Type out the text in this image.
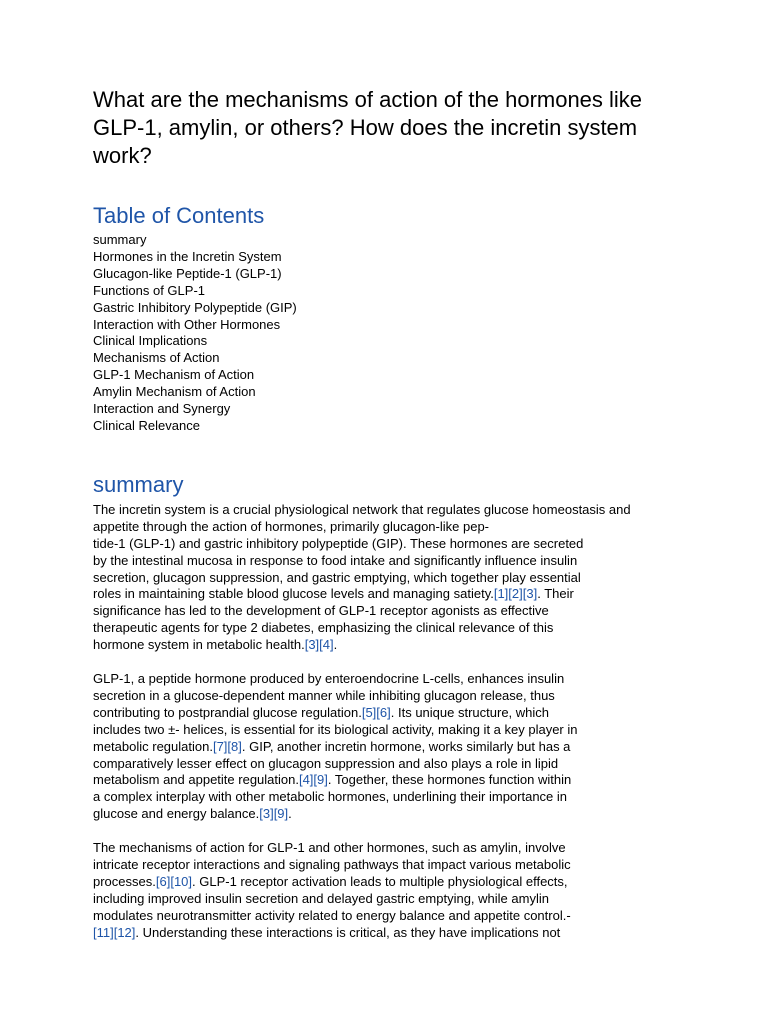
What are the mechanisms of action of the hormones like
GLP-1, amylin, or others? How does the incretin system
work?
Table of Contents
summary
Hormones in the Incretin System
Glucagon-like Peptide-1 (GLP-1)
Functions of GLP-1
Gastric Inhibitory Polypeptide (GIP)
Interaction with Other Hormones
Clinical Implications
Mechanisms of Action
GLP-1 Mechanism of Action
Amylin Mechanism of Action
Interaction and Synergy
Clinical Relevance
summary

The incretin system is a crucial physiological network that regulates glucose homeostasis and
appetite through the action of hormones, primarily glucagon-like pep-
tide-1 (GLP-1) and gastric inhibitory polypeptide (GIP). These hormones are secreted
by the intestinal mucosa in response to food intake and significantly influence insulin
secretion, glucagon suppression, and gastric emptying, which together play essential
roles in maintaining stable blood glucose levels and managing satiety.[1][2][3]. Their
significance has led to the development of GLP-1 receptor agonists as effective
therapeutic agents for type 2 diabetes, emphasizing the clinical relevance of this
hormone system in metabolic health.[3][4].

GLP-1, a peptide hormone produced by enteroendocrine L-cells, enhances insulin
secretion in a glucose-dependent manner while inhibiting glucagon release, thus
contributing to postprandial glucose regulation.[5][6]. Its unique structure, which
includes two ±- helices, is essential for its biological activity, making it a key player in
metabolic regulation.[7][8]. GIP, another incretin hormone, works similarly but has a
comparatively lesser effect on glucagon suppression and also plays a role in lipid
metabolism and appetite regulation.[4][9]. Together, these hormones function within
a complex interplay with other metabolic hormones, underlining their importance in
glucose and energy balance.[3][9].

The mechanisms of action for GLP-1 and other hormones, such as amylin, involve
intricate receptor interactions and signaling pathways that impact various metabolic
processes.[6][10]. GLP-1 receptor activation leads to multiple physiological effects,
including improved insulin secretion and delayed gastric emptying, while amylin
modulates neurotransmitter activity related to energy balance and appetite control.-
[11][12]. Understanding these interactions is critical, as they have implications not
